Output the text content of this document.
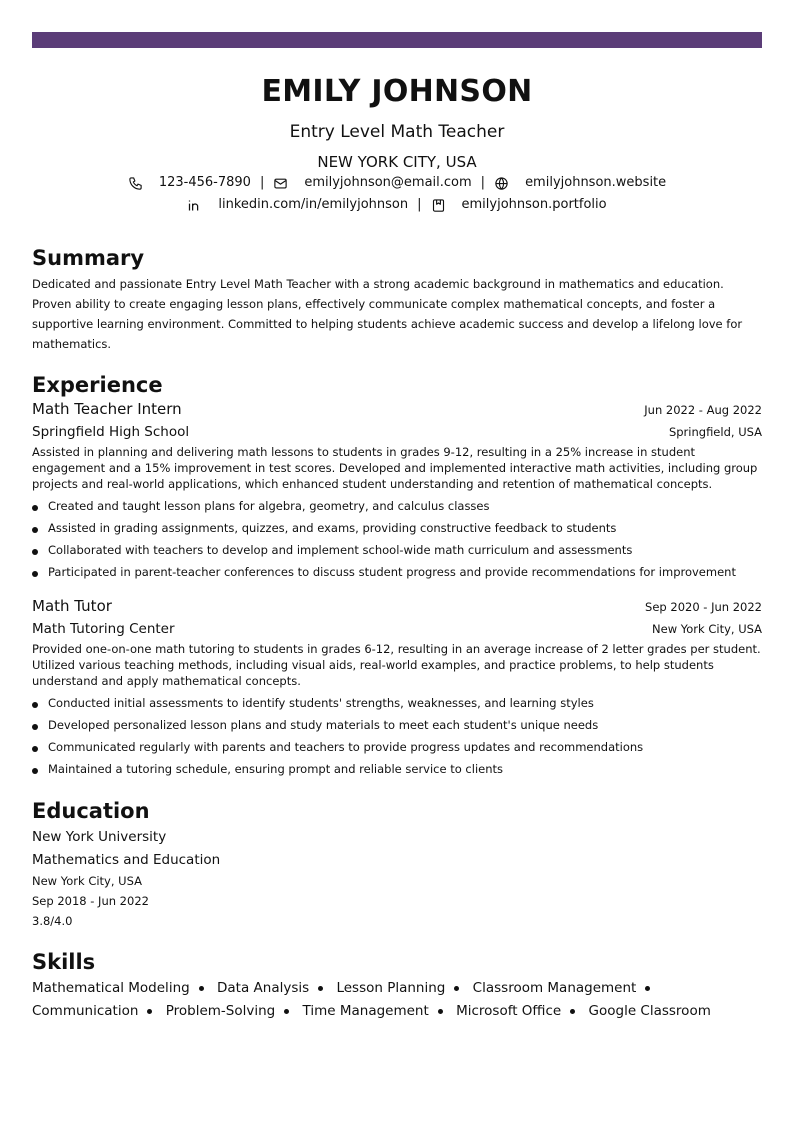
EMILY JOHNSON
Entry Level Math Teacher
NEW YORK CITY, USA
123-456-7890 |	emilyjohnson@email.com |	emilyjohnson.website
linkedin.com/in/emilyjohnson |	emilyjohnson.portfolio
Summary
Dedicated and passionate Entry Level Math Teacher with a strong academic background in mathematics and education. Proven ability to create engaging lesson plans, effectively communicate complex mathematical concepts, and foster a supportive learning environment. Committed to helping students achieve academic success and develop a lifelong love for mathematics.
Experience
Math Teacher Intern	Jun 2022 - Aug 2022
Springfield High School	Springfield, USA
Assisted in planning and delivering math lessons to students in grades 9-12, resulting in a 25% increase in student engagement and a 15% improvement in test scores. Developed and implemented interactive math activities, including group projects and real-world applications, which enhanced student understanding and retention of mathematical concepts.
Created and taught lesson plans for algebra, geometry, and calculus classes
Assisted in grading assignments, quizzes, and exams, providing constructive feedback to students
Collaborated with teachers to develop and implement school-wide math curriculum and assessments
Participated in parent-teacher conferences to discuss student progress and provide recommendations for improvement
Math Tutor	Sep 2020 - Jun 2022
Math Tutoring Center	New York City, USA
Provided one-on-one math tutoring to students in grades 6-12, resulting in an average increase of 2 letter grades per student. Utilized various teaching methods, including visual aids, real-world examples, and practice problems, to help students understand and apply mathematical concepts.
Conducted initial assessments to identify students' strengths, weaknesses, and learning styles
Developed personalized lesson plans and study materials to meet each student's unique needs
Communicated regularly with parents and teachers to provide progress updates and recommendations
Maintained a tutoring schedule, ensuring prompt and reliable service to clients
Education
New York University
Mathematics and Education
New York City, USA
Sep 2018 - Jun 2022
3.8/4.0
Skills
Mathematical Modeling Data Analysis Lesson Planning Classroom Management Communication Problem-Solving Time Management Microsoft Office Google Classroom
